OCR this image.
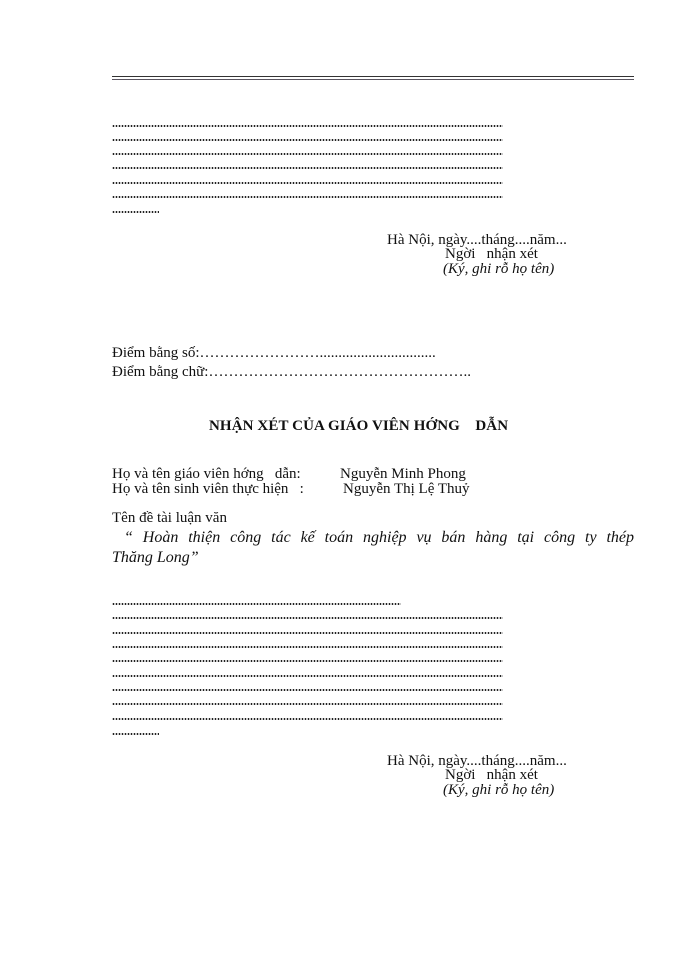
Hà Nội, ngày....tháng....năm...
Ngời   nhận xét
(Ký, ghi rỗ họ tên)
Điểm bằng số:……………………...............................
Điểm bằng chữ:……………………………………………..
NHẬN XÉT CỦA GIÁO VIÊN HỚNG    DẪN
Họ và tên giáo viên hớng   dẫn:	Nguyễn Minh Phong
Họ và tên sinh viên thực hiện   :	Nguyễn Thị Lệ Thuỷ
Tên đề tài luận văn
“ Hoàn thiện công tác kế toán nghiệp vụ bán hàng tại công ty thép
Thăng Long”
Hà Nội, ngày....tháng....năm...
Ngời   nhận xét
(Ký, ghi rỗ họ tên)
